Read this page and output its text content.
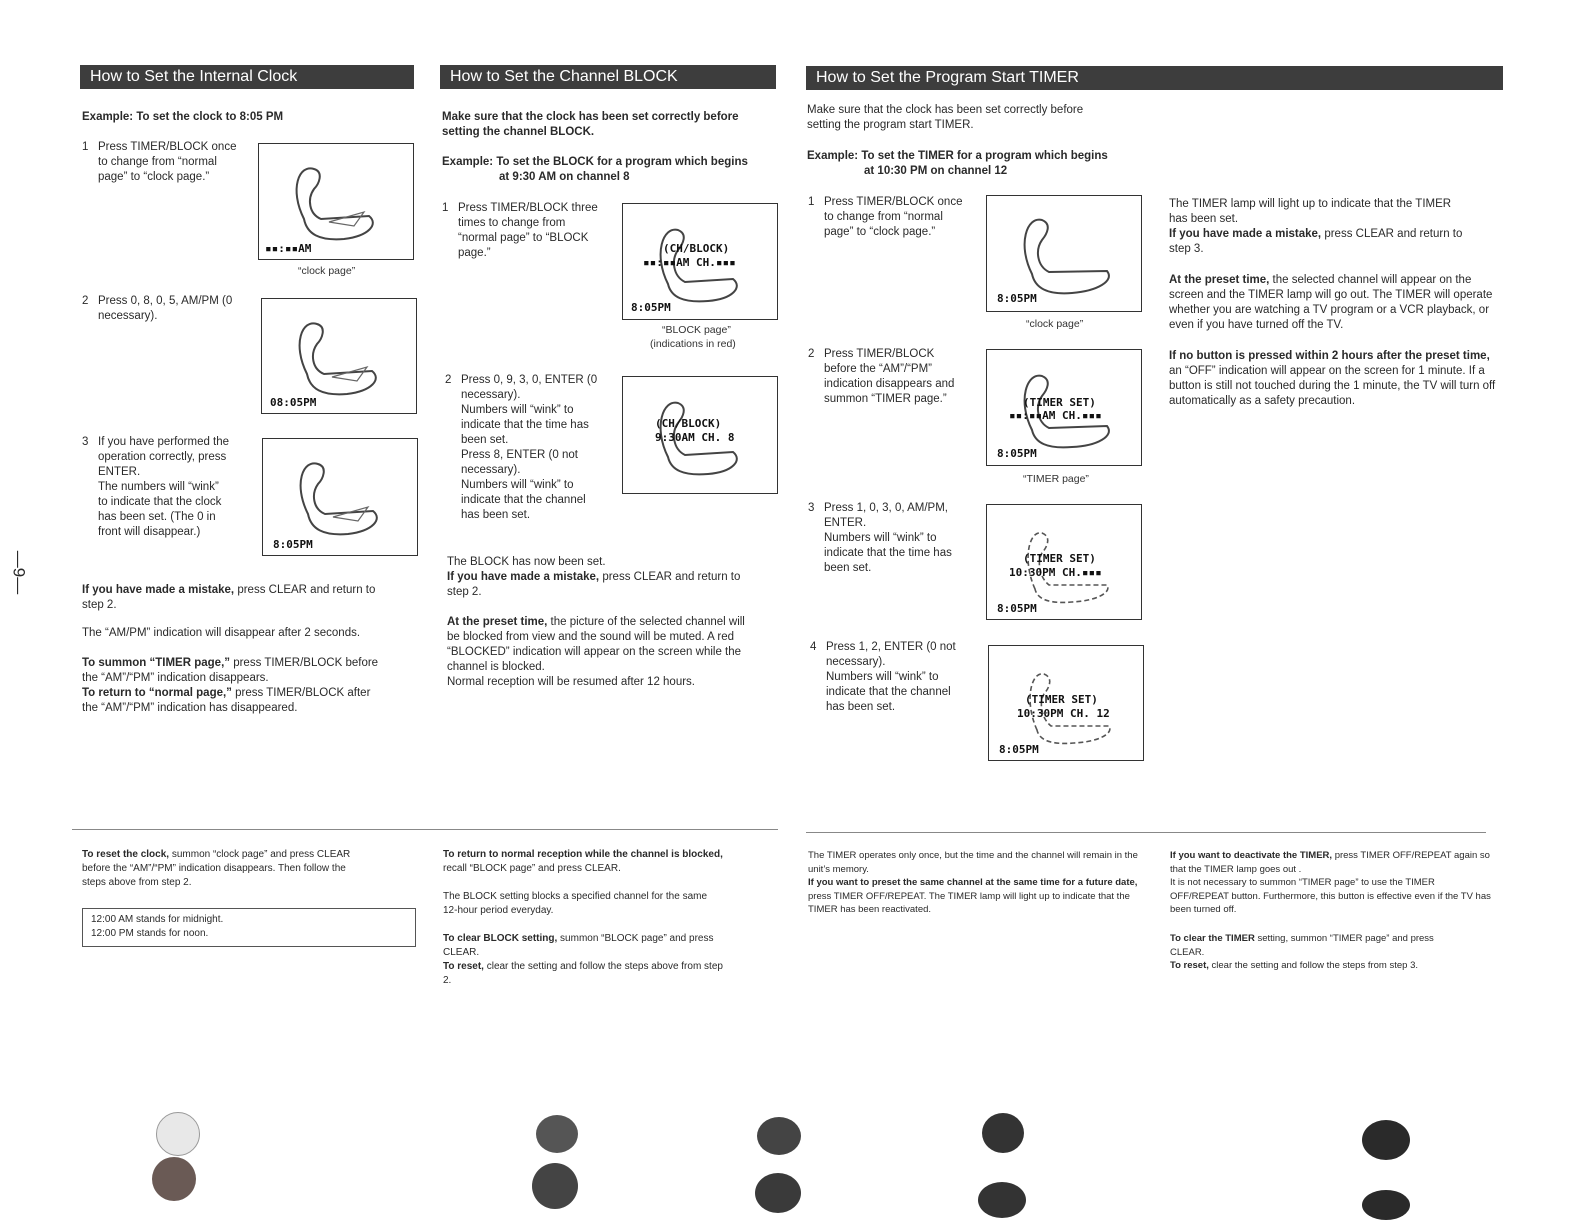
—9—
How to Set the Internal Clock
Example: To set the clock to 8:05 PM
1 Press TIMER/BLOCK once
to change from “normal
page” to “clock page.”
▪▪:▪▪AM
“clock page”
2 Press 0, 8, 0, 5, AM/PM (0
necessary).
08:05PM
3 If you have performed the
operation correctly, press
ENTER.
The numbers will “wink”
to indicate that the clock
has been set. (The 0 in
front will disappear.)
8:05PM
If you have made a mistake, press CLEAR and return to
step 2.
The “AM/PM” indication will disappear after 2 seconds.
To summon “TIMER page,” press TIMER/BLOCK before
the “AM”/“PM” indication disappears.
To return to “normal page,” press TIMER/BLOCK after
the “AM”/“PM” indication has disappeared.
To reset the clock, summon “clock page” and press CLEAR
before the “AM”/“PM” indication disappears. Then follow the
steps above from step 2.
12:00 AM stands for midnight.
12:00 PM stands for noon.
How to Set the Channel BLOCK
Make sure that the clock has been set correctly before
setting the channel BLOCK.
Example: To set the BLOCK for a program which begins
at 9:30 AM on channel 8
1 Press TIMER/BLOCK three
times to change from
“normal page” to “BLOCK
page.”	(CH/BLOCK)
▪▪:▪▪AM CH.▪▪▪
8:05PM
“BLOCK page”
(indications in red)
2 Press 0, 9, 3, 0, ENTER (0
necessary).
Numbers will “wink” to
indicate that the time has
been set.
Press 8, ENTER (0 not
necessary).
Numbers will “wink” to
indicate that the channel
has been set.
(CH/BLOCK)
9:30AM CH. 8
The BLOCK has now been set.
If you have made a mistake, press CLEAR and return to
step 2.
At the preset time, the picture of the selected channel will
be blocked from view and the sound will be muted. A red
“BLOCKED” indication will appear on the screen while the
channel is blocked.
Normal reception will be resumed after 12 hours.
To return to normal reception while the channel is blocked,
recall “BLOCK page” and press CLEAR.
The BLOCK setting blocks a specified channel for the same
12-hour period everyday.
To clear BLOCK setting, summon “BLOCK page” and press
CLEAR.
To reset, clear the setting and follow the steps above from step
2.
How to Set the Program Start TIMER
Make sure that the clock has been set correctly before
setting the program start TIMER.
Example: To set the TIMER for a program which begins
at 10:30 PM on channel 12
1 Press TIMER/BLOCK once
to change from “normal
page” to “clock page.”
8:05PM
“clock page”
2 Press TIMER/BLOCK
before the “AM”/“PM”
indication disappears and
summon “TIMER page.”	(TIMER SET)
▪▪:▪▪AM CH.▪▪▪
8:05PM
“TIMER page”
3 Press 1, 0, 3, 0, AM/PM,
ENTER.
Numbers will “wink” to
indicate that the time has
been set.
(TIMER SET)
10:30PM CH.▪▪▪
8:05PM
4 Press 1, 2, ENTER (0 not
necessary).
Numbers will “wink” to
indicate that the channel
has been set.
(TIMER SET)
10:30PM CH. 12
8:05PM
The TIMER operates only once, but the time and the channel will remain in the unit’s memory.
If you want to preset the same channel at the same time for a future date, press TIMER OFF/REPEAT. The TIMER lamp will light up to indicate that the TIMER has been reactivated.
The TIMER lamp will light up to indicate that the TIMER
has been set.
If you have made a mistake, press CLEAR and return to
step 3.
At the preset time, the selected channel will appear on the screen and the TIMER lamp will go out. The TIMER will operate whether you are watching a TV program or a VCR playback, or even if you have turned off the TV.
If no button is pressed within 2 hours after the preset time, an “OFF” indication will appear on the screen for 1 minute. If a button is still not touched during the 1 minute, the TV will turn off automatically as a safety precaution.
If you want to deactivate the TIMER, press TIMER OFF/REPEAT again so that the TIMER lamp goes out .
It is not necessary to summon “TIMER page” to use the TIMER OFF/REPEAT button. Furthermore, this button is effective even if the TV has been turned off.
To clear the TIMER setting, summon “TIMER page” and press
CLEAR.
To reset, clear the setting and follow the steps from step 3.
